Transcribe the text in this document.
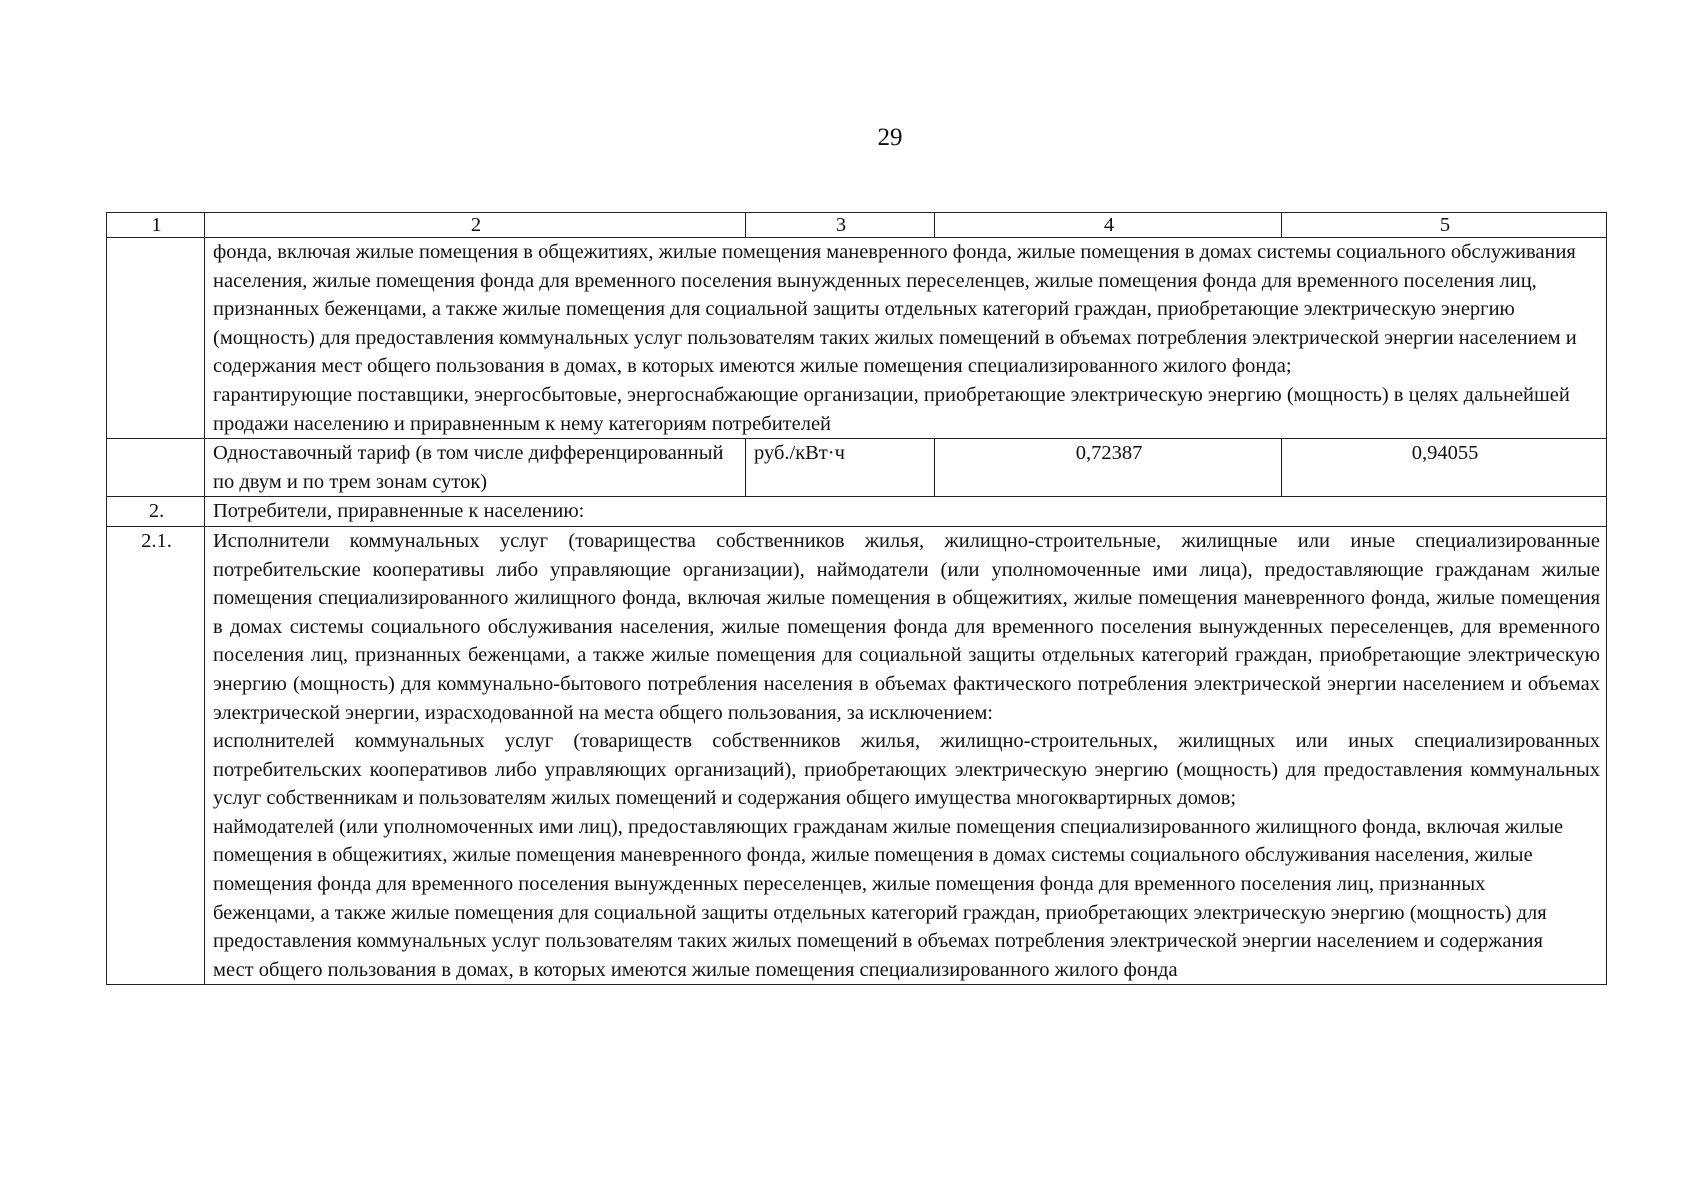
29
1	2	3	4	5

	фонда, включая жилые помещения в общежитиях, жилые помещения маневренного фонда, жилые помещения в домах системы социального обслуживания населения, жилые помещения фонда для временного поселения вынужденных переселенцев, жилые помещения фонда для временного поселения лиц, признанных беженцами, а также жилые помещения для социальной защиты отдельных категорий граждан, приобретающие электрическую энергию (мощность) для предоставления коммунальных услуг пользователям таких жилых помещений в объемах потребления электрической энергии населением и содержания мест общего пользования в домах, в которых имеются жилые помещения специализированного жилого фонда;
гарантирующие поставщики, энергосбытовые, энергоснабжающие организации, приобретающие электрическую энергию (мощность) в целях дальнейшей продажи населению и приравненным к нему категориям потребителей			

	Одноставочный тариф (в том числе дифференцированный по двум и по трем зонам суток)	руб./кВт·ч	0,72387	0,94055
2.	Потребители, приравненные к населению:			
2.1.	Исполнители коммунальных услуг (товарищества собственников жилья, жилищно-строительные, жилищные или иные специализированные потребительские кооперативы либо управляющие организации), наймодатели (или уполномоченные ими лица), предоставляющие гражданам жилые помещения специализированного жилищного фонда, включая жилые помещения в общежитиях, жилые помещения маневренного фонда, жилые помещения в домах системы социального обслуживания населения, жилые помещения фонда для временного поселения вынужденных переселенцев, для временного поселения лиц, признанных беженцами, а также жилые помещения для социальной защиты отдельных категорий граждан, приобретающие электрическую энергию (мощность) для коммунально-бытового потребления населения в объемах фактического потребления электрической энергии населением и объемах электрической энергии, израсходованной на места общего пользования, за исключением:
исполнителей коммунальных услуг (товариществ собственников жилья, жилищно-строительных, жилищных или иных специализированных потребительских кооперативов либо управляющих организаций), приобретающих электрическую энергию (мощность) для предоставления коммунальных услуг собственникам и пользователям жилых помещений и содержания общего имущества многоквартирных домов;
наймодателей (или уполномоченных ими лиц), предоставляющих гражданам жилые помещения специализированного жилищного фонда, включая жилые помещения в общежитиях, жилые помещения маневренного фонда, жилые помещения в домах системы социального обслуживания населения, жилые помещения фонда для временного поселения вынужденных переселенцев, жилые помещения фонда для временного поселения лиц, признанных беженцами, а также жилые помещения для социальной защиты отдельных категорий граждан, приобретающих электрическую энергию (мощность) для предоставления коммунальных услуг пользователям таких жилых помещений в объемах потребления электрической энергии населением и содержания мест общего пользования в домах, в которых имеются жилые помещения специализированного жилого фонда			
